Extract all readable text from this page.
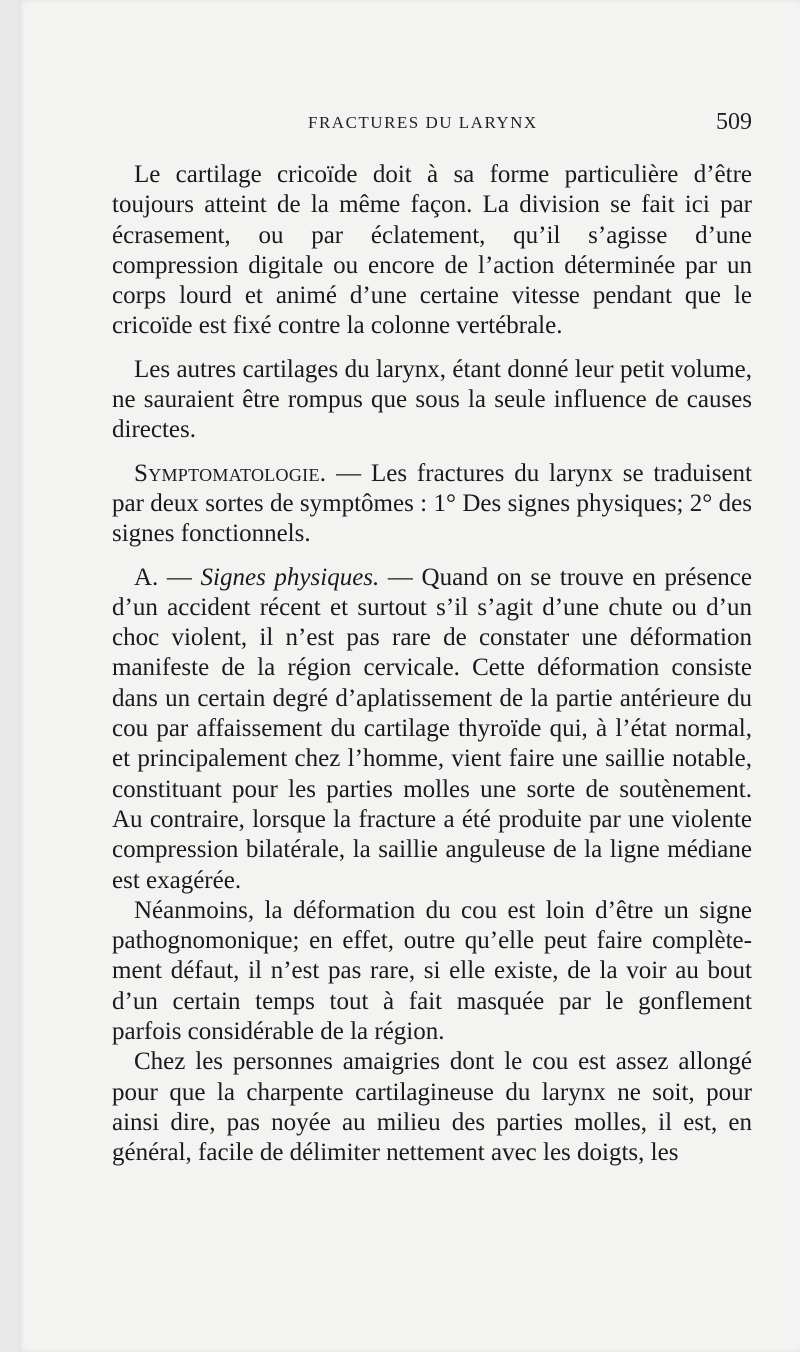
FRACTURES DU LARYNX	509

Le cartilage cricoïde doit à sa forme particulière d’être toujours atteint de la même façon. La division se fait ici par écrasement, ou par éclatement, qu’il s’agisse d’une compression digitale ou encore de l’action déterminée par un corps lourd et animé d’une certaine vitesse pendant que le cricoïde est fixé contre la colonne vertébrale.

Les autres cartilages du larynx, étant donné leur petit volume, ne sauraient être rompus que sous la seule influence de causes directes.

Symptomatologie. — Les fractures du larynx se traduisent par deux sortes de symptômes : 1° Des signes physiques; 2° des signes fonctionnels.

A. — Signes physiques. — Quand on se trouve en présence d’un accident récent et surtout s’il s’agit d’une chute ou d’un choc violent, il n’est pas rare de constater une déformation manifeste de la région cervicale. Cette déformation consiste dans un certain degré d’aplatissement de la partie antérieure du cou par affaissement du cartilage thyroïde qui, à l’état normal, et principalement chez l’homme, vient faire une saillie notable, constituant pour les parties molles une sorte de soutènement. Au contraire, lorsque la fracture a été produite par une violente compression bilatérale, la saillie anguleuse de la ligne médiane est exagérée.

Néanmoins, la déformation du cou est loin d’être un signe pathognomonique; en effet, outre qu’elle peut faire complètement défaut, il n’est pas rare, si elle existe, de la voir au bout d’un certain temps tout à fait masquée par le gonflement parfois considérable de la région.

Chez les personnes amaigries dont le cou est assez allongé pour que la charpente cartilagineuse du larynx ne soit, pour ainsi dire, pas noyée au milieu des parties molles, il est, en général, facile de délimiter nettement avec les doigts, les
